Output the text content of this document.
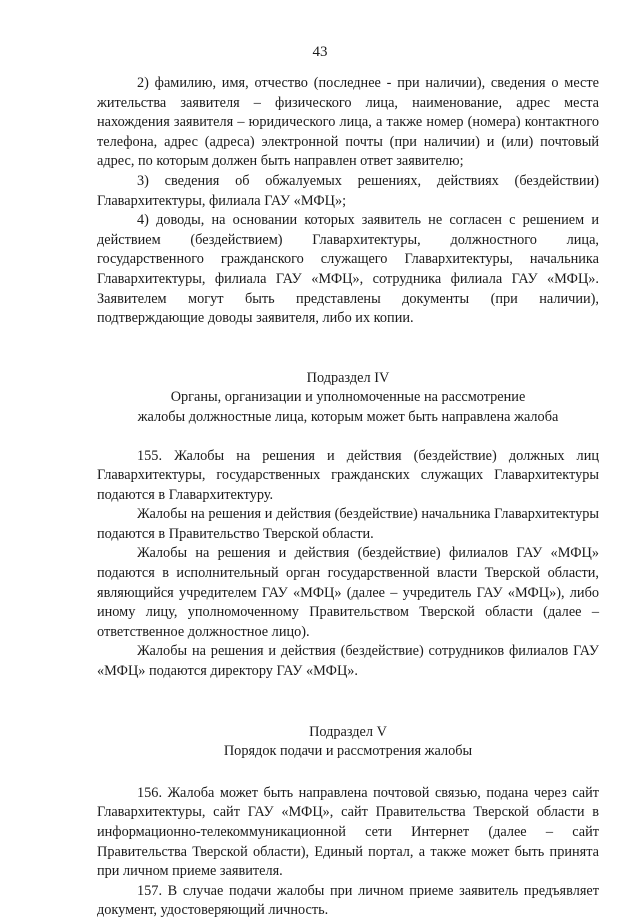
43

2) фамилию, имя, отчество (последнее - при наличии), сведения о месте жительства заявителя – физического лица, наименование, адрес места нахождения заявителя – юридического лица, а также номер (номера) контактного телефона, адрес (адреса) электронной почты (при наличии) и (или) почтовый адрес, по которым должен быть направлен ответ заявителю;

3) сведения об обжалуемых решениях, действиях (бездействии) Главархитектуры, филиала ГАУ «МФЦ»;

4) доводы, на основании которых заявитель не согласен с решением и действием (бездействием) Главархитектуры, должностного лица, государственного гражданского служащего Главархитектуры, начальника Главархитектуры, филиала ГАУ «МФЦ», сотрудника филиала ГАУ «МФЦ». Заявителем могут быть представлены документы (при наличии), подтверждающие доводы заявителя, либо их копии.

Подраздел IV
Органы, организации и уполномоченные на рассмотрение
жалобы должностные лица, которым может быть направлена жалоба

155. Жалобы на решения и действия (бездействие) должных лиц Главархитектуры, государственных гражданских служащих Главархитектуры подаются в Главархитектуру.

Жалобы на решения и действия (бездействие) начальника Главархитектуры подаются в Правительство Тверской области.

Жалобы на решения и действия (бездействие) филиалов ГАУ «МФЦ» подаются в исполнительный орган государственной власти Тверской области, являющийся учредителем ГАУ «МФЦ» (далее – учредитель ГАУ «МФЦ»), либо иному лицу, уполномоченному Правительством Тверской области (далее – ответственное должностное лицо).

Жалобы на решения и действия (бездействие) сотрудников филиалов ГАУ «МФЦ» подаются директору ГАУ «МФЦ».

Подраздел V
Порядок подачи и рассмотрения жалобы

156. Жалоба может быть направлена почтовой связью, подана через сайт Главархитектуры, сайт ГАУ «МФЦ», сайт Правительства Тверской области в информационно-телекоммуникационной сети Интернет (далее – сайт Правительства Тверской области), Единый портал, а также может быть принята при личном приеме заявителя.

157. В случае подачи жалобы при личном приеме заявитель предъявляет документ, удостоверяющий личность.
